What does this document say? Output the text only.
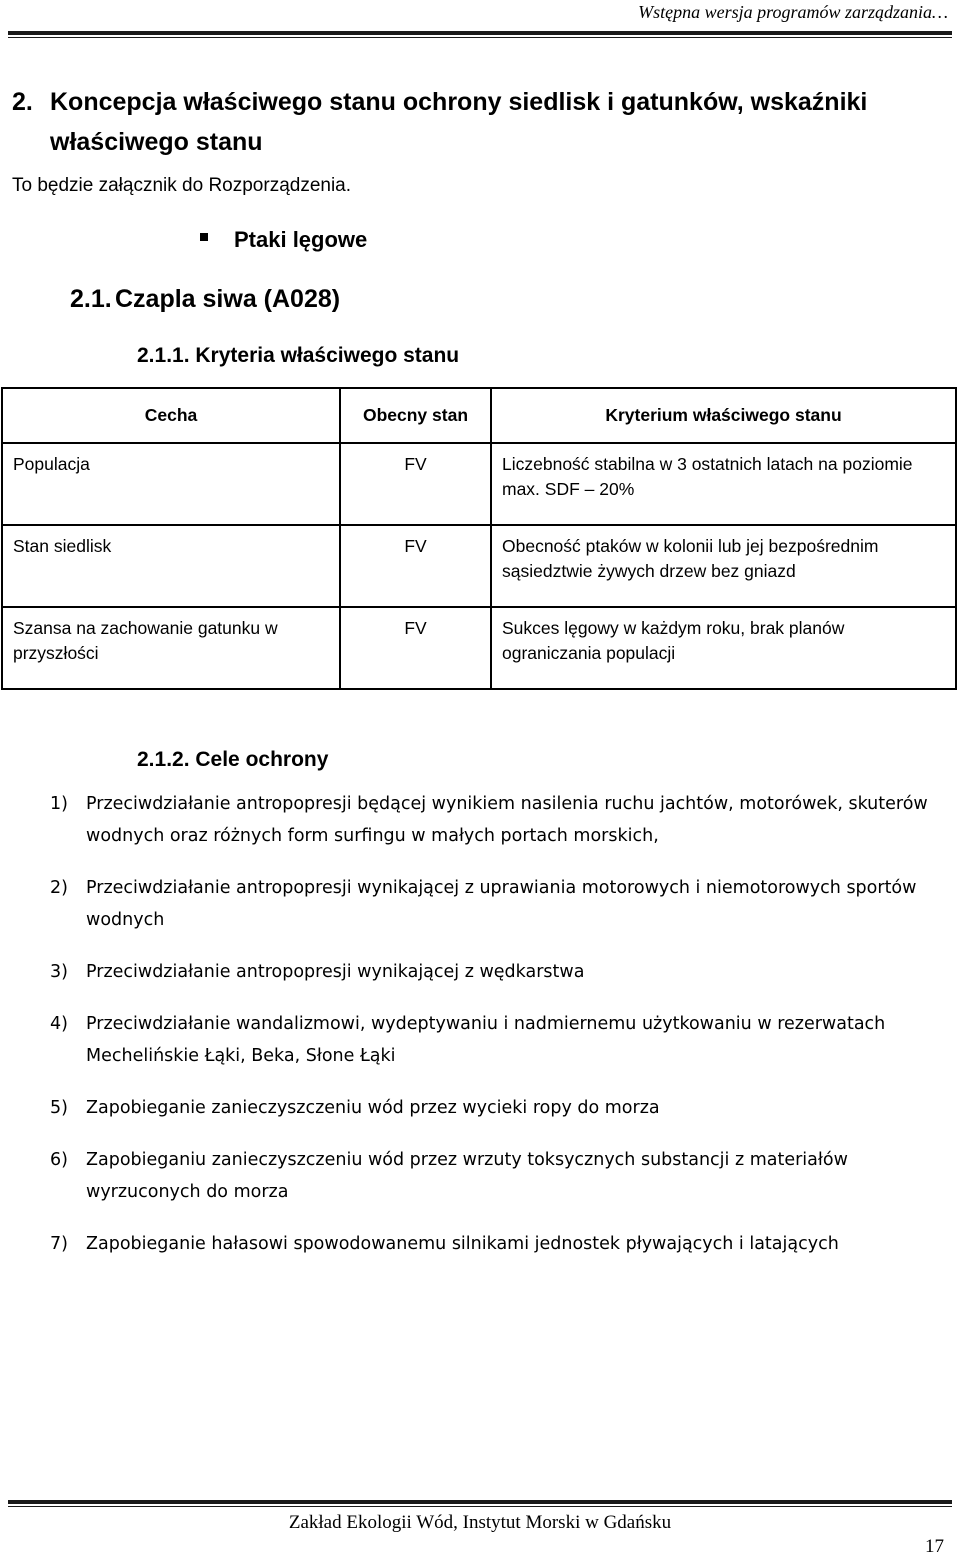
Wstępna wersja programów zarządzania…
2. Koncepcja właściwego stanu ochrony siedlisk i gatunków, wskaźniki właściwego stanu
To będzie załącznik do Rozporządzenia.
Ptaki lęgowe
2.1. Czapla siwa (A028)
2.1.1. Kryteria właściwego stanu
Cecha	Obecny stan	Kryterium właściwego stanu

Populacja	FV	Liczebność stabilna w 3 ostatnich latach na poziomie max. SDF – 20%

Stan siedlisk	FV	Obecność ptaków w kolonii lub jej bezpośrednim sąsiedztwie żywych drzew bez gniazd

Szansa na zachowanie gatunku w przyszłości	FV	Sukces lęgowy w każdym roku, brak planów ograniczania populacji
2.1.2. Cele ochrony
1) Przeciwdziałanie antropopresji będącej wynikiem nasilenia ruchu jachtów, motorówek, skuterów wodnych oraz różnych form surfingu w małych portach morskich,
2) Przeciwdziałanie antropopresji wynikającej z uprawiania motorowych i niemotorowych sportów wodnych
3) Przeciwdziałanie antropopresji wynikającej z wędkarstwa
4) Przeciwdziałanie wandalizmowi, wydeptywaniu i nadmiernemu użytkowaniu w rezerwatach Mechelińskie Łąki, Beka, Słone Łąki
5) Zapobieganie zanieczyszczeniu wód przez wycieki ropy do morza
6) Zapobieganiu zanieczyszczeniu wód przez wrzuty toksycznych substancji z materiałów wyrzuconych do morza
7) Zapobieganie hałasowi spowodowanemu silnikami jednostek pływających i latających
Zakład Ekologii Wód, Instytut Morski w Gdańsku
17
